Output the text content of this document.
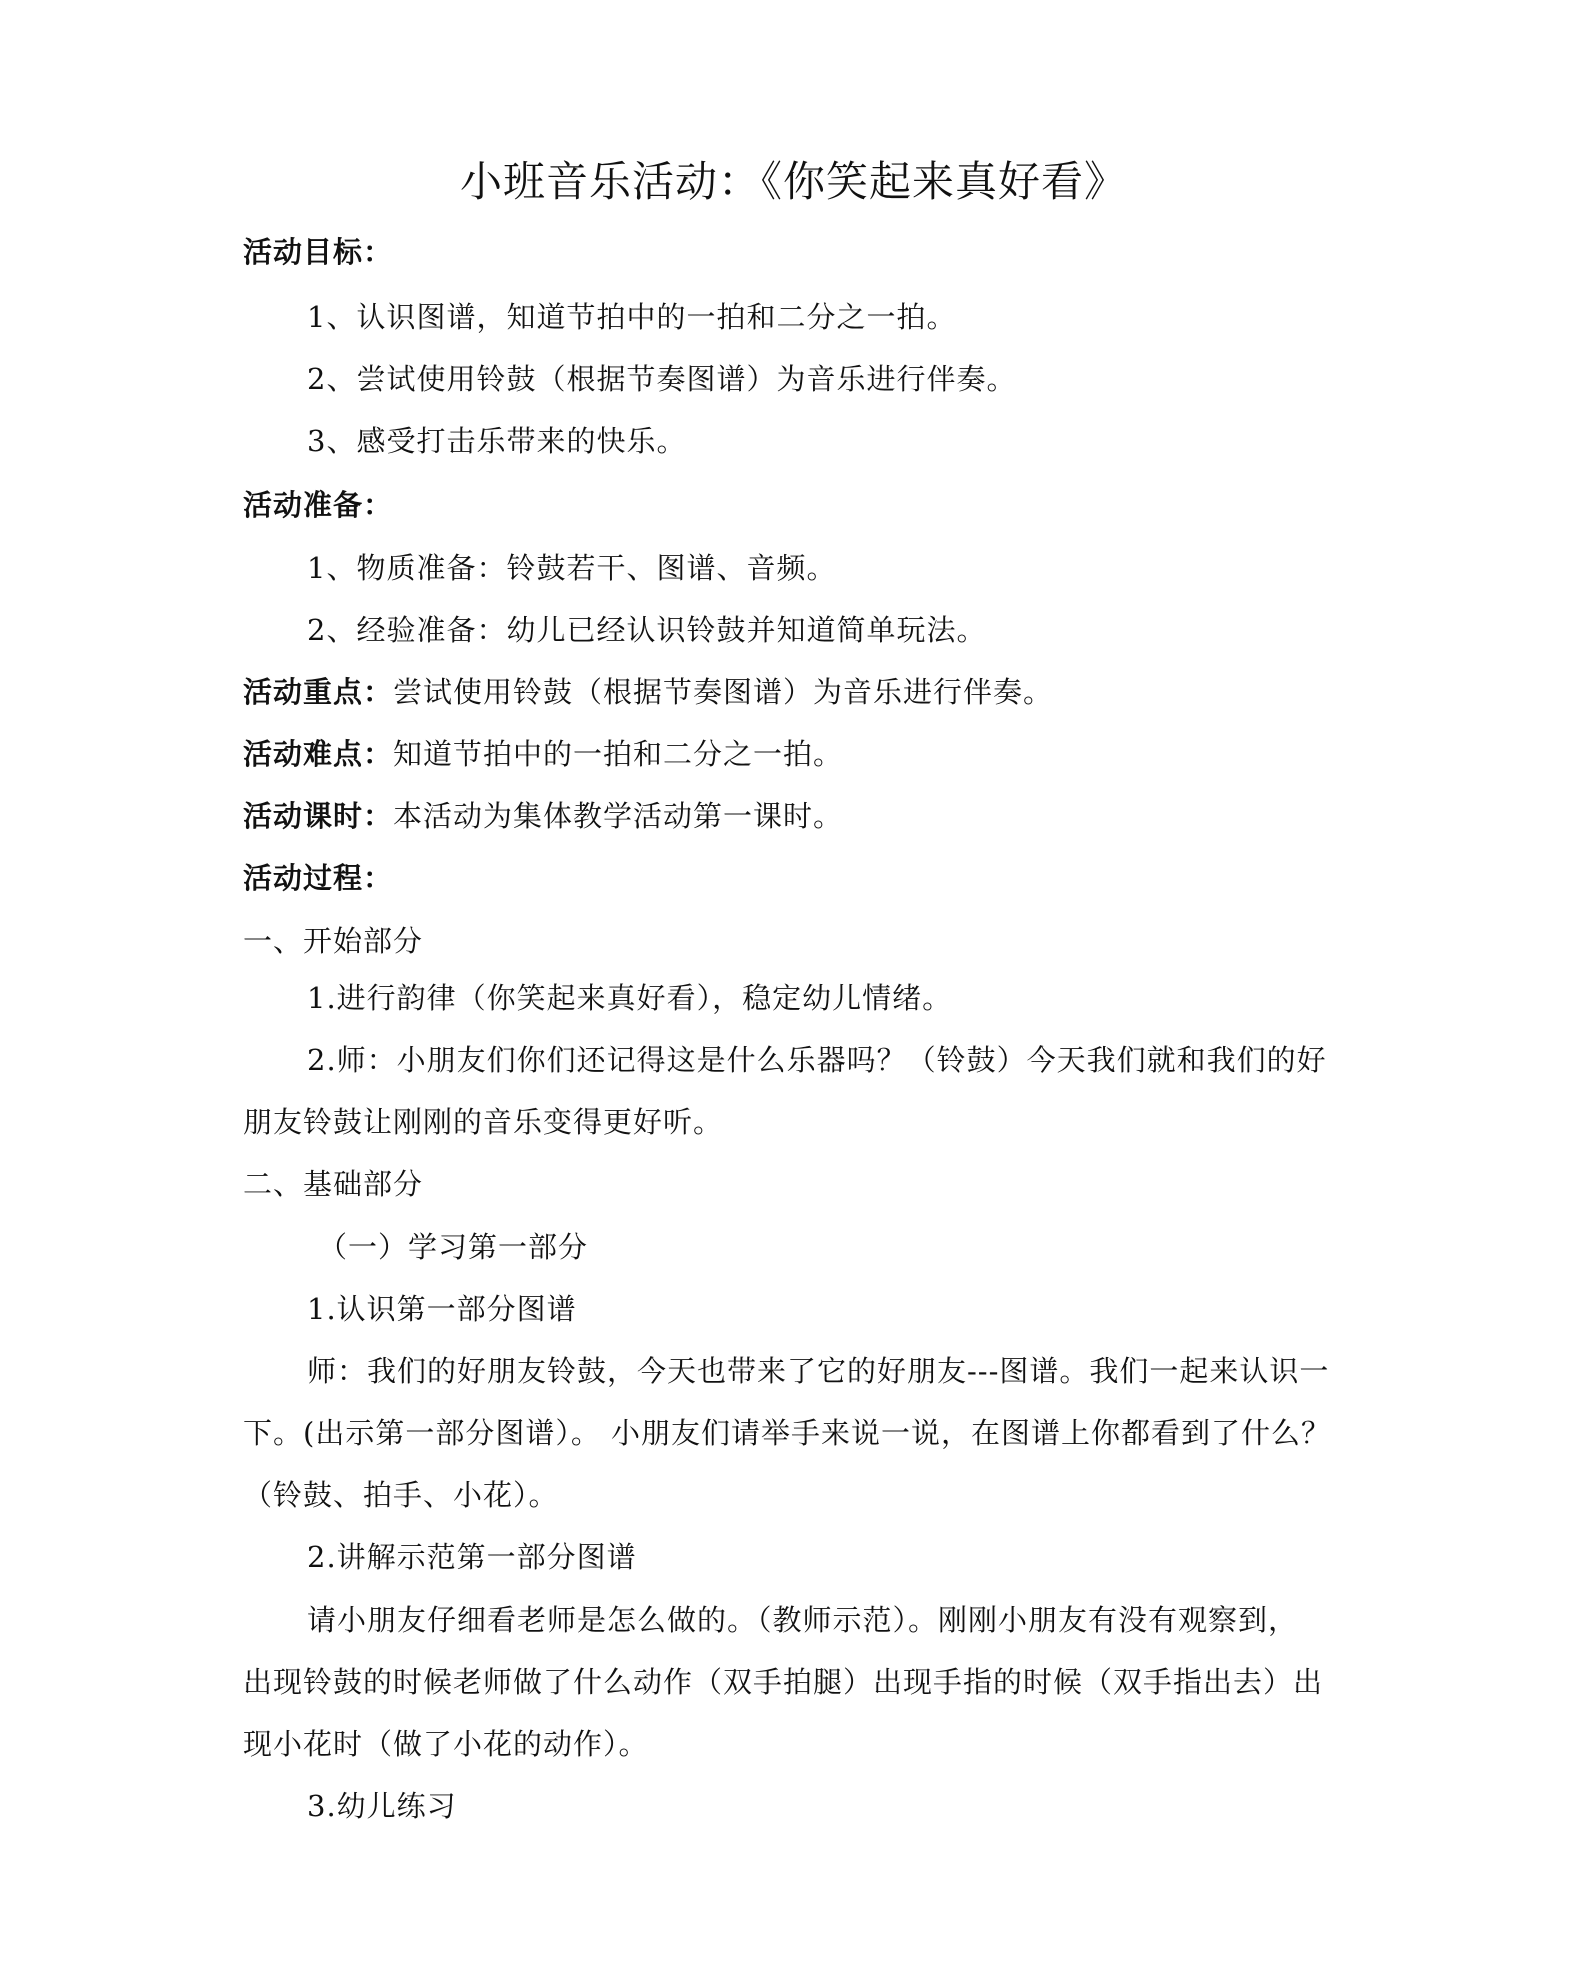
小班音乐活动：《你笑起来真好看》
活动目标：
1、认识图谱，知道节拍中的一拍和二分之一拍。
2、尝试使用铃鼓（根据节奏图谱）为音乐进行伴奏。
3、感受打击乐带来的快乐。
活动准备：
1、物质准备：铃鼓若干、图谱、音频。
2、经验准备：幼儿已经认识铃鼓并知道简单玩法。
活动重点：尝试使用铃鼓（根据节奏图谱）为音乐进行伴奏。
活动难点：知道节拍中的一拍和二分之一拍。
活动课时：本活动为集体教学活动第一课时。
活动过程：
一、开始部分
1.进行韵律（你笑起来真好看），稳定幼儿情绪。
2.师：小朋友们你们还记得这是什么乐器吗？（铃鼓）今天我们就和我们的好
朋友铃鼓让刚刚的音乐变得更好听。
二、基础部分
（一）学习第一部分
1.认识第一部分图谱
师：我们的好朋友铃鼓，今天也带来了它的好朋友---图谱。我们一起来认识一
下。(出示第一部分图谱）。 小朋友们请举手来说一说，在图谱上你都看到了什么？
（铃鼓、拍手、小花）。
2.讲解示范第一部分图谱
请小朋友仔细看老师是怎么做的。（教师示范）。刚刚小朋友有没有观察到，
出现铃鼓的时候老师做了什么动作（双手拍腿）出现手指的时候（双手指出去）出
现小花时（做了小花的动作）。
3.幼儿练习
